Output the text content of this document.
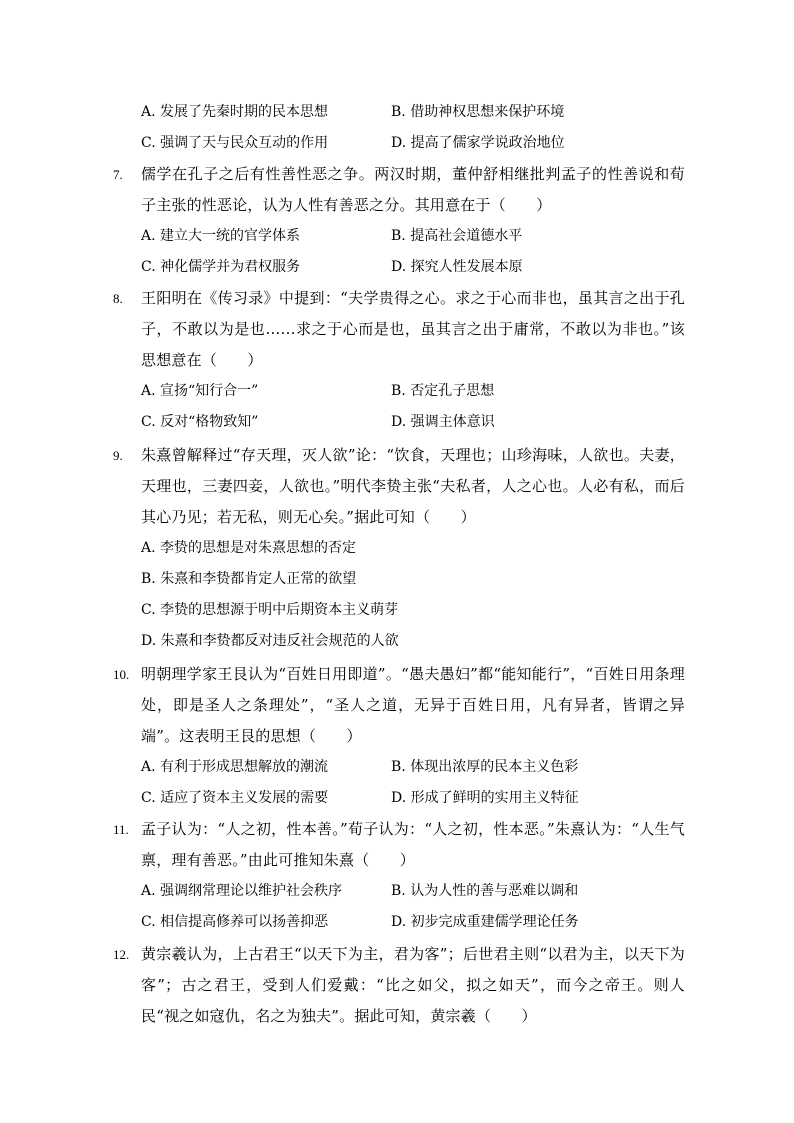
A. 发展了先秦时期的民本思想	B. 借助神权思想来保护环境
C. 强调了天与民众互动的作用	D. 提高了儒家学说政治地位
7. 儒学在孔子之后有性善性恶之争。两汉时期，董仲舒相继批判孟子的性善说和荀子主张的性恶论，认为人性有善恶之分。其用意在于（　　）
A. 建立大一统的官学体系	B. 提高社会道德水平
C. 神化儒学并为君权服务	D. 探究人性发展本原
8. 王阳明在《传习录》中提到：“夫学贵得之心。求之于心而非也，虽其言之出于孔子，不敢以为是也……求之于心而是也，虽其言之出于庸常，不敢以为非也。”该思想意在（　　）
A. 宣扬“知行合一”	B. 否定孔子思想
C. 反对“格物致知”	D. 强调主体意识
9. 朱熹曾解释过“存天理，灭人欲”论：“饮食，天理也；山珍海味，人欲也。夫妻，天理也，三妻四妾，人欲也。”明代李贽主张“夫私者，人之心也。人必有私，而后其心乃见；若无私，则无心矣。”据此可知（　　）
A. 李贽的思想是对朱熹思想的否定
B. 朱熹和李贽都肯定人正常的欲望
C. 李贽的思想源于明中后期资本主义萌芽
D. 朱熹和李贽都反对违反社会规范的人欲
10. 明朝理学家王艮认为“百姓日用即道”。“愚夫愚妇”都“能知能行”，“百姓日用条理处，即是圣人之条理处”，“圣人之道，无异于百姓日用，凡有异者，皆谓之异端”。这表明王艮的思想（　　）
A. 有利于形成思想解放的潮流	B. 体现出浓厚的民本主义色彩
C. 适应了资本主义发展的需要	D. 形成了鲜明的实用主义特征
11. 孟子认为：“人之初，性本善。”荀子认为：“人之初，性本恶。”朱熹认为：“人生气禀，理有善恶。”由此可推知朱熹（　　）
A. 强调纲常理论以维护社会秩序	B. 认为人性的善与恶难以调和
C. 相信提高修养可以扬善抑恶	D. 初步完成重建儒学理论任务
12. 黄宗羲认为，上古君王“以天下为主，君为客”；后世君主则“以君为主，以天下为客”；古之君王，受到人们爱戴：“比之如父，拟之如天”，而今之帝王。则人民“视之如寇仇，名之为独夫”。据此可知，黄宗羲（　　）
